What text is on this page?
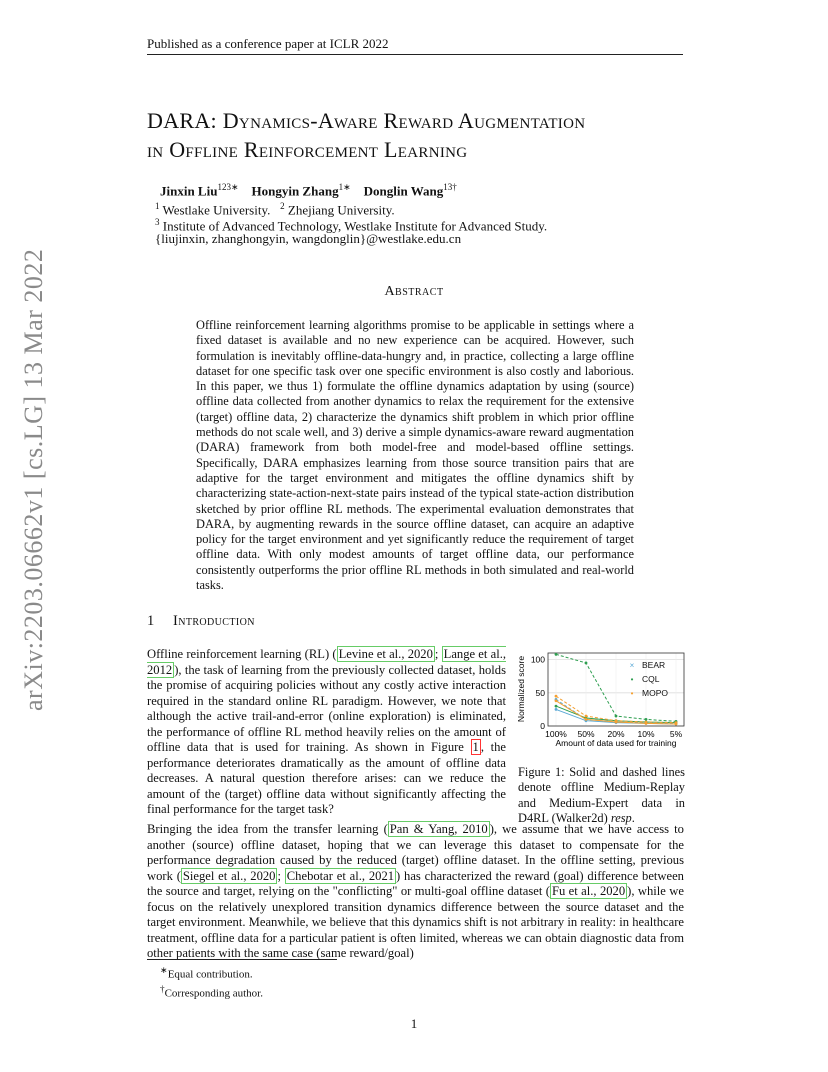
arXiv:2203.06662v1 [cs.LG] 13 Mar 2022
Published as a conference paper at ICLR 2022
DARA: Dynamics-Aware Reward Augmentation
in Offline Reinforcement Learning
Jinxin Liu$^{123∗}$ Hongyin Zhang$^{1∗}$ Donglin Wang$^{13\dagger}$
$^1$ Westlake University. $^2$ Zhejiang University.
$^3$ Institute of Advanced Technology, Westlake Institute for Advanced Study.
{liujinxin, zhanghongyin, wangdonglin}@westlake.edu.cn
Abstract
Offline reinforcement learning algorithms promise to be applicable in settings where a fixed dataset is available and no new experience can be acquired. However, such formulation is inevitably offline-data-hungry and, in practice, collecting a large offline dataset for one specific task over one specific environment is also costly and laborious. In this paper, we thus 1) formulate the offline dynamics adaptation by using (source) offline data collected from another dynamics to relax the requirement for the extensive (target) offline data, 2) characterize the dynamics shift problem in which prior offline methods do not scale well, and 3) derive a simple dynamics-aware reward augmentation (DARA) framework from both model-free and model-based offline settings. Specifically, DARA emphasizes learning from those source transition pairs that are adaptive for the target environment and mitigates the offline dynamics shift by characterizing state-action-next-state pairs instead of the typical state-action distribution sketched by prior offline RL methods. The experimental evaluation demonstrates that DARA, by augmenting rewards in the source offline dataset, can acquire an adaptive policy for the target environment and yet significantly reduce the requirement of target offline data. With only modest amounts of target offline data, our performance consistently outperforms the prior offline RL methods in both simulated and real-world tasks.
1 Introduction
Offline reinforcement learning (RL) ( Levine et al., 2020 ; Lange et al., 2012 ), the task of learning from the previously collected dataset, holds the promise of acquiring policies without any costly active interaction required in the standard online RL paradigm. However, we note that although the active trail-and-error (online exploration) is eliminated, the performance of offline RL method heavily relies on the amount of offline data that is used for training. As shown in Figure 1 , the performance deteriorates dramatically as the amount of offline data decreases. A natural question therefore arises: can we reduce the amount of the (target) offline data without significantly affecting the final performance for the target task?
Normalized score
0
50
100
100% 50% 20% 10% 5%
× BEAR
• CQL
• MOPO
Amount of data used for training
Figure 1: Solid and dashed lines denote offline Medium-Replay and Medium-Expert data in D4RL (Walker2d) resp.
Bringing the idea from the transfer learning ( Pan & Yang, 2010 ), we assume that we have access to another (source) offline dataset, hoping that we can leverage this dataset to compensate for the performance degradation caused by the reduced (target) offline dataset. In the offline setting, previous work ( Siegel et al., 2020 ; Chebotar et al., 2021 ) has characterized the reward (goal) difference between the source and target, relying on the "conflicting" or multi-goal offline dataset ( Fu et al., 2020 ), while we focus on the relatively unexplored transition dynamics difference between the source dataset and the target environment. Meanwhile, we believe that this dynamics shift is not arbitrary in reality: in healthcare treatment, offline data for a particular patient is often limited, whereas we can obtain diagnostic data from other patients with the same case (same reward/goal)
∗Equal contribution.
†Corresponding author.
1
